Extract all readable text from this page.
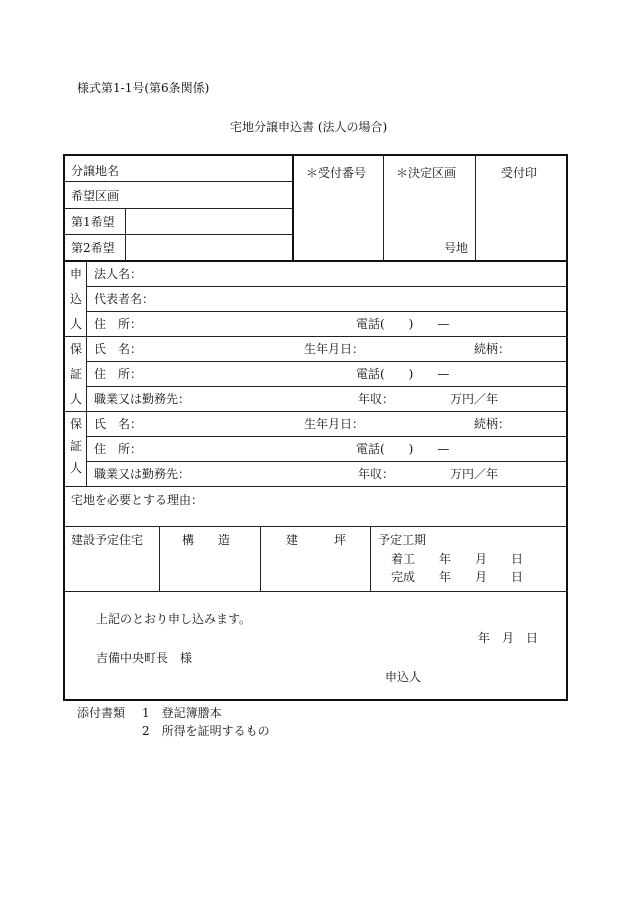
様式第1-1号(第6条関係)
宅地分譲申込書 (法人の場合)
分譲地名
希望区画
第1希望
第2希望
＊受付番号 ＊決定区画
号地
受付印
申
込
人
法人名：
代表者名：
住　所：	電話(　　)　　—
保
証
人
氏　名：	生年月日：	続柄：
住　所：	電話(　　)　　—
職業又は勤務先：	年収：	万円／年
保
証
人
氏　名：	生年月日：	続柄：
住　所：	電話(　　)　　—
職業又は勤務先：	年収：	万円／年
宅地を必要とする理由：
建設予定住宅	構　　造	建　　　坪	予定工期
着工　　年　　月　　日
完成　　年　　月　　日
上記のとおり申し込みます。
年　月　日
吉備中央町長　様
申込人
添付書類 1　登記簿謄本
2　所得を証明するもの
